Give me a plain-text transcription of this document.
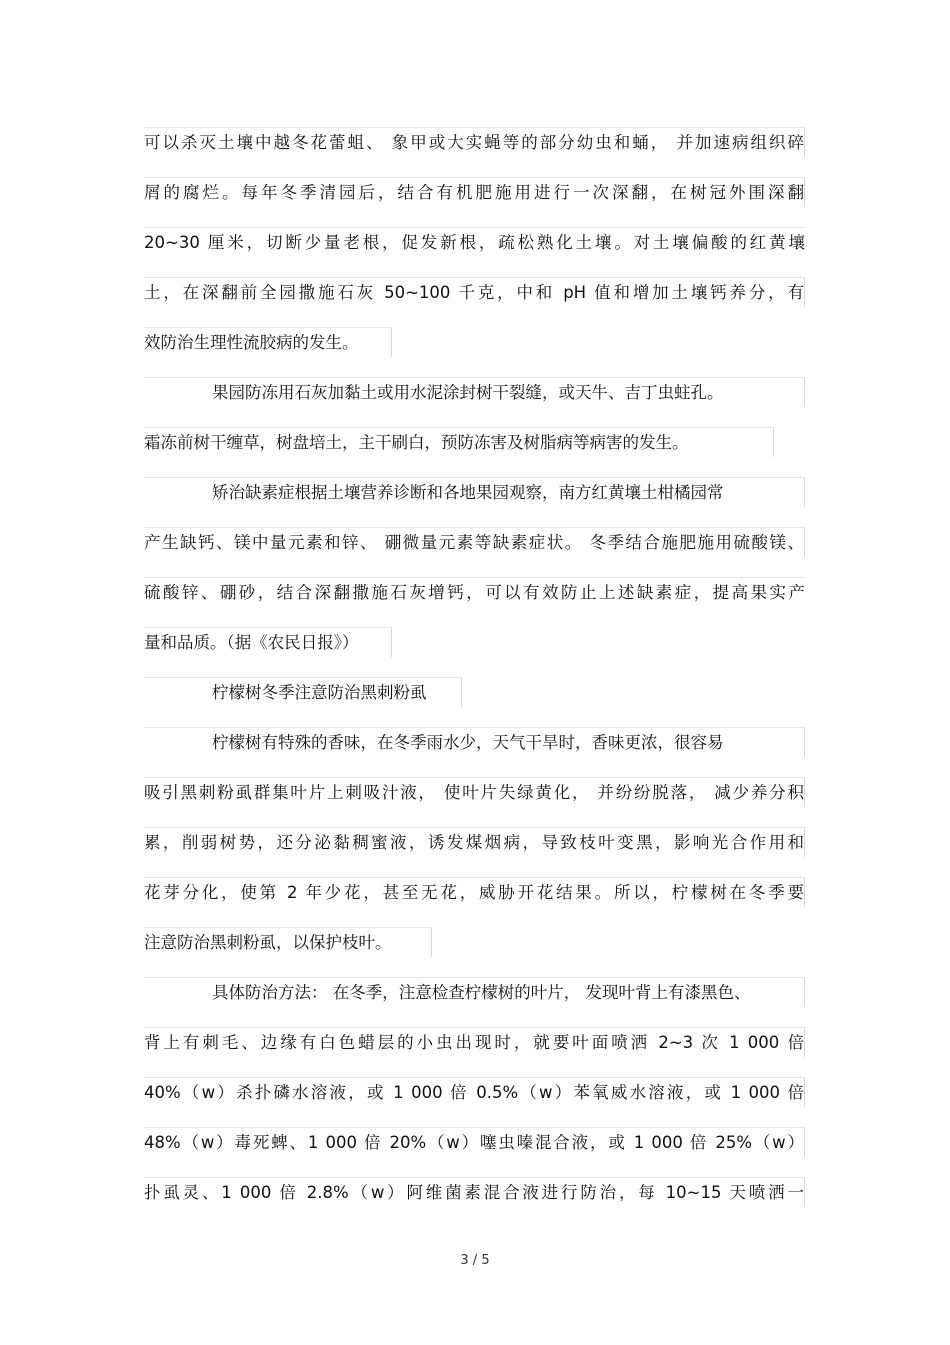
可以杀灭土壤中越冬花蕾蛆、 象甲或大实蝇等的部分幼虫和蛹， 并加速病组织碎
屑的腐烂。每年冬季清园后，结合有机肥施用进行一次深翻，在树冠外围深翻
20~30 厘米，切断少量老根，促发新根，疏松熟化土壤。对土壤偏酸的红黄壤
土，在深翻前全园撒施石灰 50~100 千克，中和 pH 值和增加土壤钙养分，有
效防治生理性流胶病的发生。
果园防冻用石灰加黏土或用水泥涂封树干裂缝，或天牛、吉丁虫蛀孔。
霜冻前树干缠草，树盘培土，主干刷白，预防冻害及树脂病等病害的发生。
矫治缺素症根据土壤营养诊断和各地果园观察，南方红黄壤土柑橘园常
产生缺钙、镁中量元素和锌、 硼微量元素等缺素症状。 冬季结合施肥施用硫酸镁、
硫酸锌、硼砂，结合深翻撒施石灰增钙，可以有效防止上述缺素症，提高果实产
量和品质。（据《农民日报》）
柠檬树冬季注意防治黑刺粉虱
柠檬树有特殊的香味，在冬季雨水少，天气干旱时，香味更浓，很容易
吸引黑刺粉虱群集叶片上刺吸汁液， 使叶片失绿黄化， 并纷纷脱落， 减少养分积
累，削弱树势，还分泌黏稠蜜液，诱发煤烟病，导致枝叶变黑，影响光合作用和
花芽分化，使第 2 年少花，甚至无花，威胁开花结果。所以，柠檬树在冬季要
注意防治黑刺粉虱，以保护枝叶。
具体防治方法： 在冬季，注意检查柠檬树的叶片， 发现叶背上有漆黑色、
背上有刺毛、边缘有白色蜡层的小虫出现时，就要叶面喷洒 2~3 次 1 000 倍
40%（w）杀扑磷水溶液，或 1 000 倍 0.5%（w）苯氧威水溶液，或 1 000 倍
48%（w）毒死蜱、1 000 倍 20%（w）噻虫嗪混合液，或 1 000 倍 25%（w）
扑虱灵、1 000 倍 2.8%（w）阿维菌素混合液进行防治，每 10~15 天喷洒一
3 / 5
